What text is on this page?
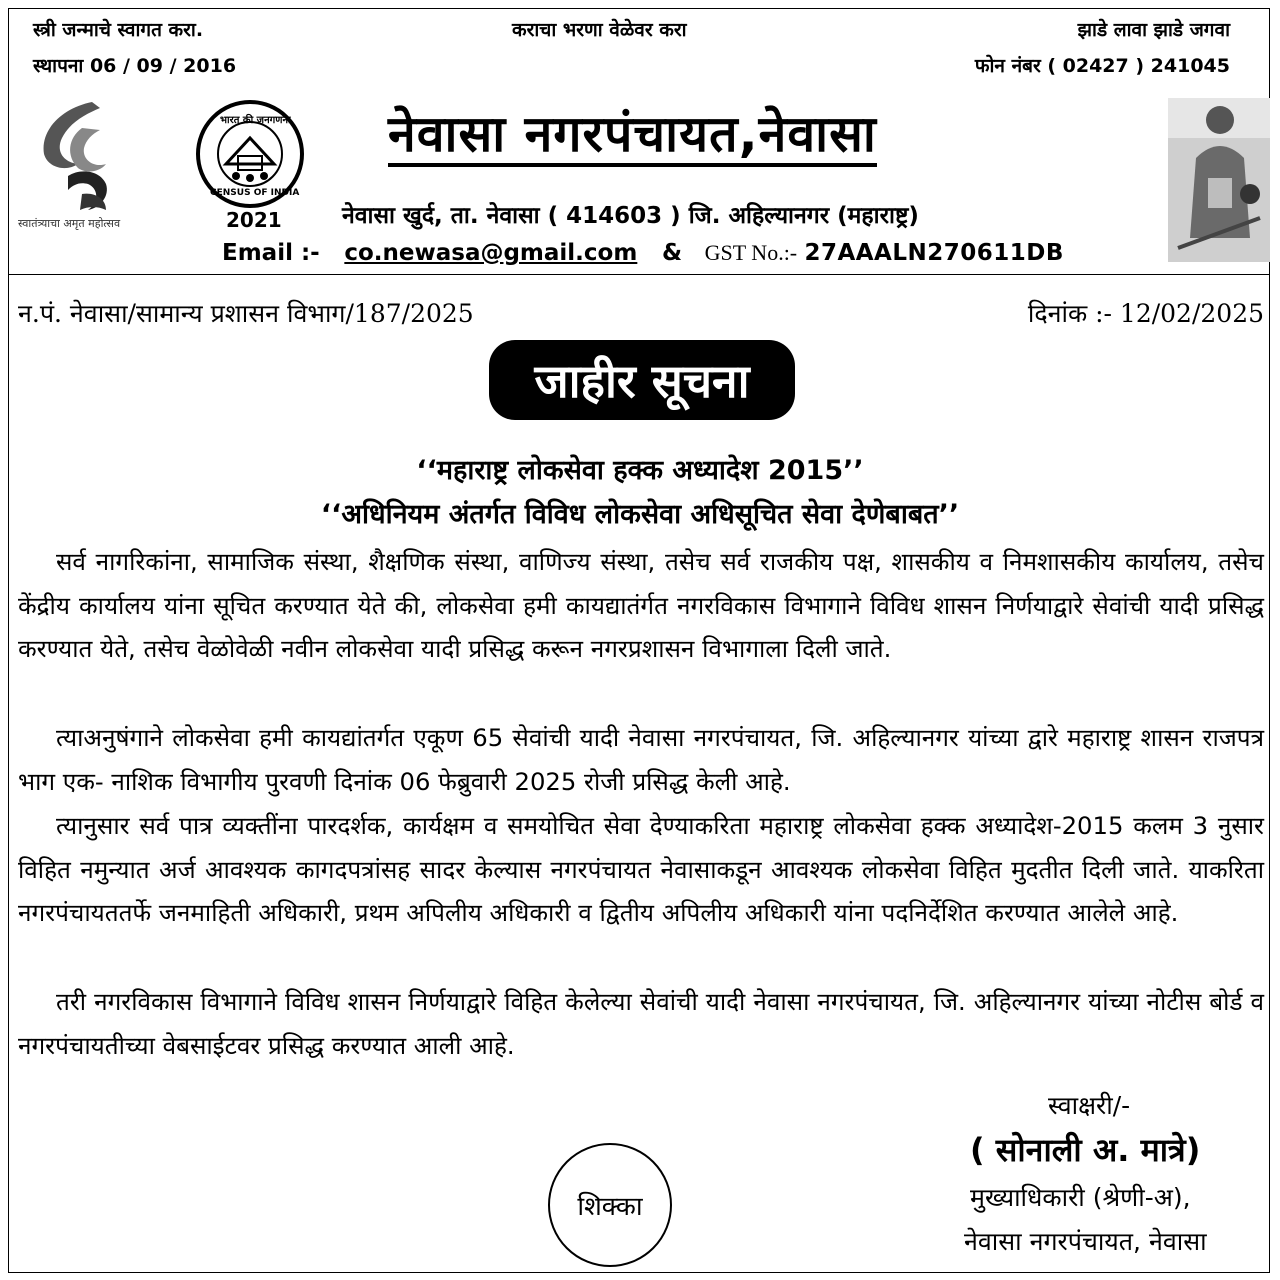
स्त्री जन्माचे स्वागत करा.	कराचा भरणा वेळेवर करा	झाडे लावा झाडे जगवा
स्थापना 06 / 09 / 2016	फोन नंबर ( 02427 ) 241045
स्वातंत्र्याचा अमृत महोत्सव
भारत की जनगणना
CENSUS OF INDIA
2021
नेवासा नगरपंचायत,नेवासा
नेवासा खुर्द, ता. नेवासा ( 414603 ) जि. अहिल्यानगर (महाराष्ट्र)
Email :- co.newasa@gmail.com & GST No.:- 27AAALN270611DB
न.पं. नेवासा/सामान्य प्रशासन विभाग/187/2025	दिनांक :- 12/02/2025
जाहीर सूचना
‘‘महाराष्ट्र लोकसेवा हक्क अध्यादेश 2015’’
‘‘अधिनियम अंतर्गत विविध लोकसेवा अधिसूचित सेवा देणेबाबत’’
सर्व नागरिकांना, सामाजिक संस्था, शैक्षणिक संस्था, वाणिज्य संस्था, तसेच सर्व राजकीय पक्ष, शासकीय व निमशासकीय कार्यालय, तसेच केंद्रीय कार्यालय यांना सूचित करण्यात येते की, लोकसेवा हमी कायद्यातंर्गत नगरविकास विभागाने विविध शासन निर्णयाद्वारे सेवांची यादी प्रसिद्ध करण्यात येते, तसेच वेळोवेळी नवीन लोकसेवा यादी प्रसिद्ध करून नगरप्रशासन विभागाला दिली जाते.
त्याअनुषंगाने लोकसेवा हमी कायद्यांतर्गत एकूण 65 सेवांची यादी नेवासा नगरपंचायत, जि. अहिल्यानगर यांच्या द्वारे महाराष्ट्र शासन राजपत्र भाग एक- नाशिक विभागीय पुरवणी दिनांक 06 फेब्रुवारी 2025 रोजी प्रसिद्ध केली आहे.
त्यानुसार सर्व पात्र व्यक्तींना पारदर्शक, कार्यक्षम व समयोचित सेवा देण्याकरिता महाराष्ट्र लोकसेवा हक्क अध्यादेश-2015 कलम 3 नुसार विहित नमुन्यात अर्ज आवश्यक कागदपत्रांसह सादर केल्यास नगरपंचायत नेवासाकडून आवश्यक लोकसेवा विहित मुदतीत दिली जाते. याकरिता नगरपंचायततर्फे जनमाहिती अधिकारी, प्रथम अपिलीय अधिकारी व द्वितीय अपिलीय अधिकारी यांना पदनिर्देशित करण्यात आलेले आहे.
तरी नगरविकास विभागाने विविध शासन निर्णयाद्वारे विहित केलेल्या सेवांची यादी नेवासा नगरपंचायत, जि. अहिल्यानगर यांच्या नोटीस बोर्ड व नगरपंचायतीच्या वेबसाईटवर प्रसिद्ध करण्यात आली आहे.
स्वाक्षरी/-
( सोनाली अ. मात्रे)
मुख्याधिकारी (श्रेणी-अ),
नेवासा नगरपंचायत, नेवासा
शिक्का
